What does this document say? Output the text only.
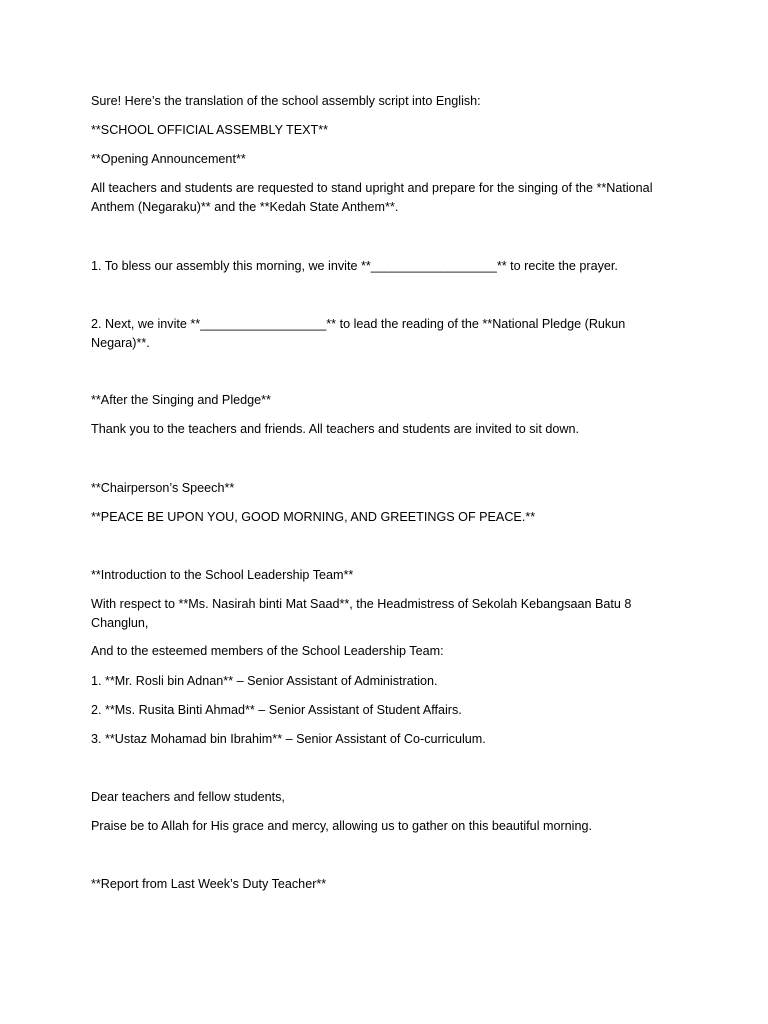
Sure! Here’s the translation of the school assembly script into English:
**SCHOOL OFFICIAL ASSEMBLY TEXT**
**Opening Announcement**
All teachers and students are requested to stand upright and prepare for the singing of the **National Anthem (Negaraku)** and the **Kedah State Anthem**.
1. To bless our assembly this morning, we invite **__________________** to recite the prayer.
2. Next, we invite **__________________** to lead the reading of the **National Pledge (Rukun Negara)**.
**After the Singing and Pledge**
Thank you to the teachers and friends. All teachers and students are invited to sit down.
**Chairperson’s Speech**
**PEACE BE UPON YOU, GOOD MORNING, AND GREETINGS OF PEACE.**
**Introduction to the School Leadership Team**
With respect to **Ms. Nasirah binti Mat Saad**, the Headmistress of Sekolah Kebangsaan Batu 8 Changlun,
And to the esteemed members of the School Leadership Team:
1. **Mr. Rosli bin Adnan** – Senior Assistant of Administration.
2. **Ms. Rusita Binti Ahmad** – Senior Assistant of Student Affairs.
3. **Ustaz Mohamad bin Ibrahim** – Senior Assistant of Co-curriculum.
Dear teachers and fellow students,
Praise be to Allah for His grace and mercy, allowing us to gather on this beautiful morning.
**Report from Last Week’s Duty Teacher**
